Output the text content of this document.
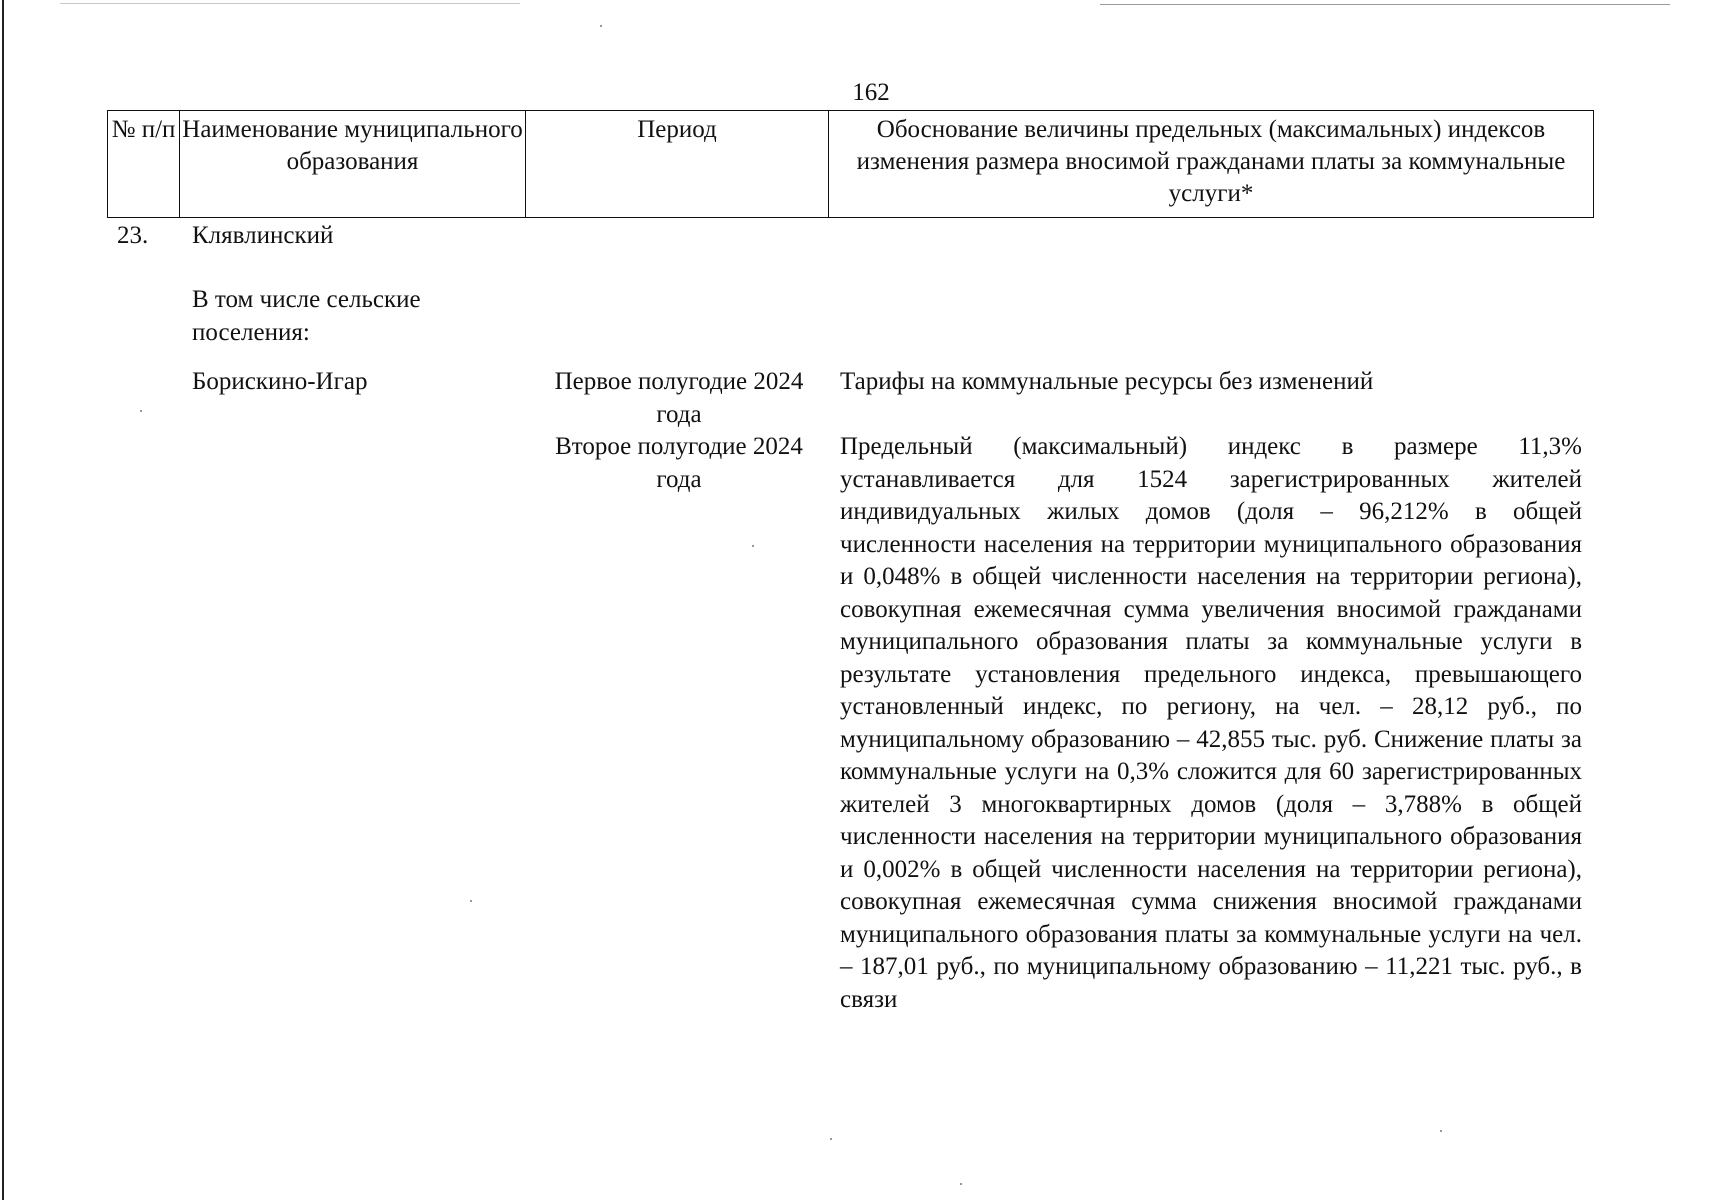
162
№ п/п Наименование муниципального образования
Период	Обоснование величины предельных (максимальных) индексов изменения размера вносимой гражданами платы за коммунальные услуги*
23. Клявлинский
В том числе сельские поселения:
Борискино-Игар	Первое полугодие 2024 года
Тарифы на коммунальные ресурсы без изменений
Второе полугодие 2024 года
Предельный (максимальный) индекс в размере 11,3% устанавливается для 1524 зарегистрированных жителей индивидуальных жилых домов (доля – 96,212% в общей численности населения на территории муниципального образования и 0,048% в общей численности населения на территории региона), совокупная ежемесячная сумма увеличения вносимой гражданами муниципального образования платы за коммунальные услуги в результате установления предельного индекса, превышающего установленный индекс, по региону, на чел. – 28,12 руб., по муниципальному образованию – 42,855 тыс. руб. Снижение платы за коммунальные услуги на 0,3% сложится для 60 зарегистрированных жителей 3 многоквартирных домов (доля – 3,788% в общей численности населения на территории муниципального образования и 0,002% в общей численности населения на территории региона), совокупная ежемесячная сумма снижения вносимой гражданами муниципального образования платы за коммунальные услуги на чел. – 187,01 руб., по муниципальному образованию – 11,221 тыс. руб., в связи
